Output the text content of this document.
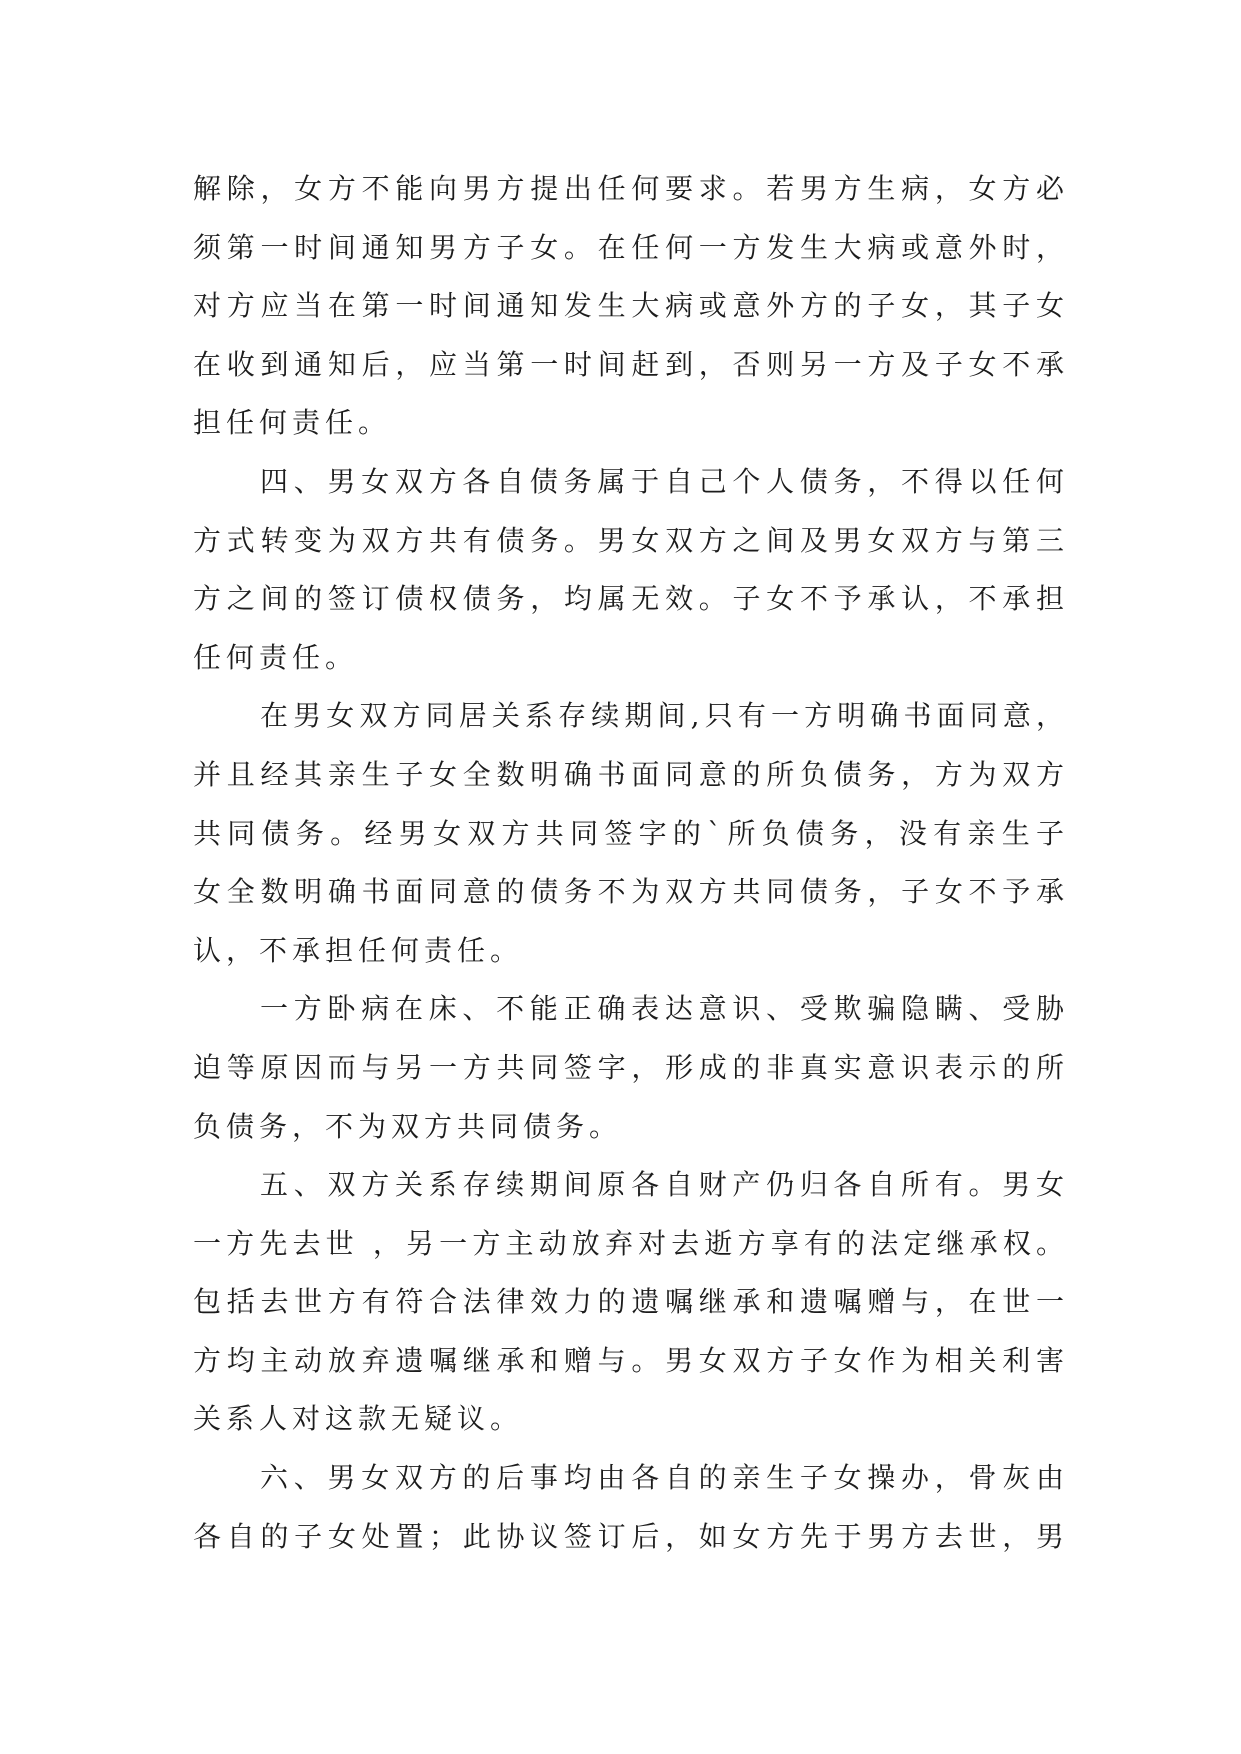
解除，女方不能向男方提出任何要求。若男方生病，女方必
须第一时间通知男方子女。在任何一方发生大病或意外时，
对方应当在第一时间通知发生大病或意外方的子女，其子女
在收到通知后，应当第一时间赶到，否则另一方及子女不承
担任何责任。
四、男女双方各自债务属于自己个人债务，不得以任何
方式转变为双方共有债务。男女双方之间及男女双方与第三
方之间的签订债权债务，均属无效。子女不予承认，不承担
任何责任。
在男女双方同居关系存续期间,只有一方明确书面同意，
并且经其亲生子女全数明确书面同意的所负债务，方为双方
共同债务。经男女双方共同签字的`所负债务，没有亲生子
女全数明确书面同意的债务不为双方共同债务，子女不予承
认，不承担任何责任。
一方卧病在床、不能正确表达意识、受欺骗隐瞒、受胁
迫等原因而与另一方共同签字，形成的非真实意识表示的所
负债务，不为双方共同债务。
五、双方关系存续期间原各自财产仍归各自所有。男女
一方先去世 ，另一方主动放弃对去逝方享有的法定继承权。
包括去世方有符合法律效力的遗嘱继承和遗嘱赠与，在世一
方均主动放弃遗嘱继承和赠与。男女双方子女作为相关利害
关系人对这款无疑议。
六、男女双方的后事均由各自的亲生子女操办，骨灰由
各自的子女处置；此协议签订后，如女方先于男方去世，男
